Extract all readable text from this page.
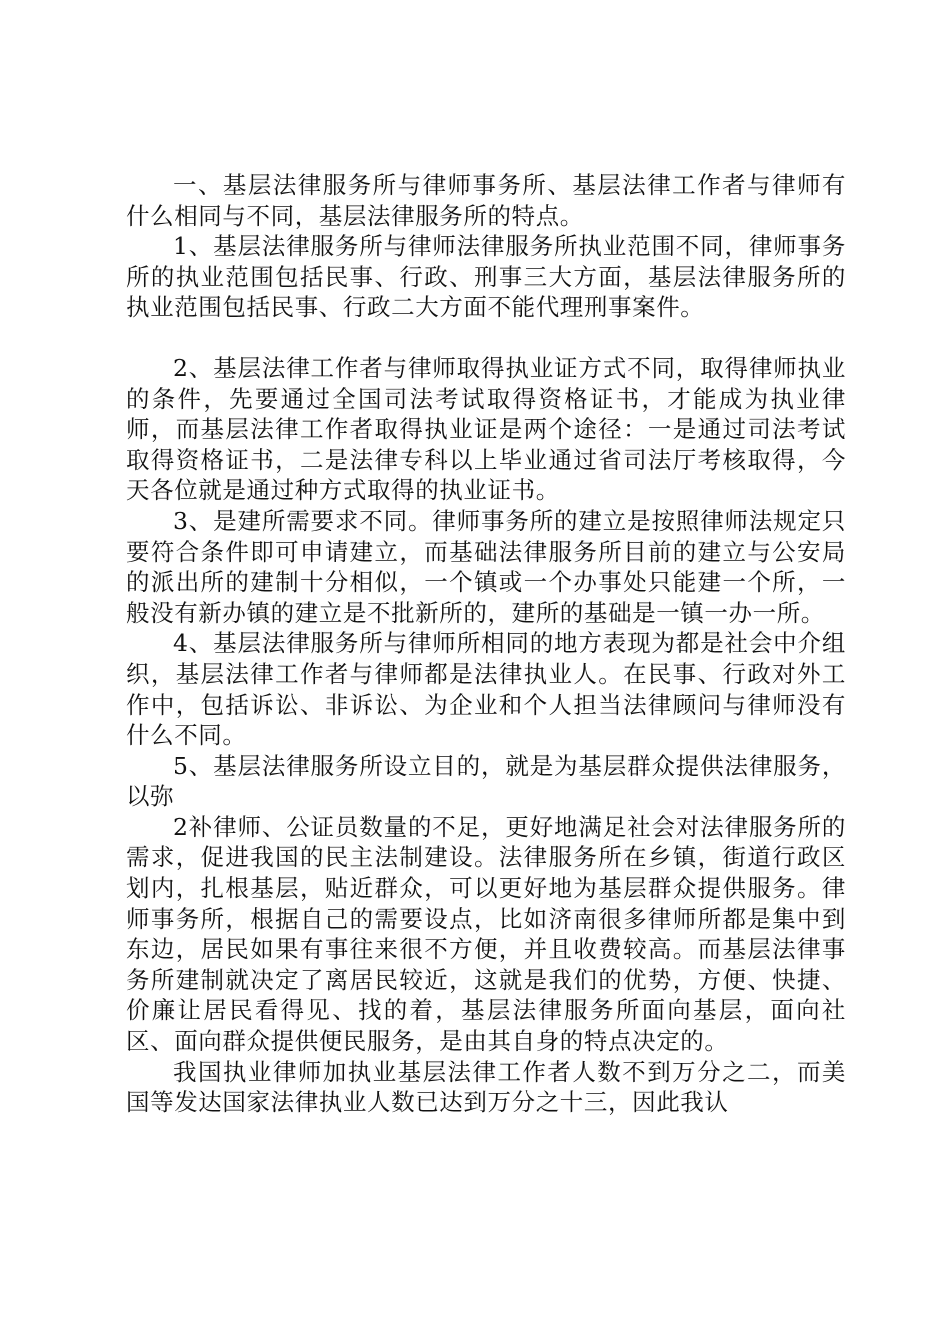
一、基层法律服务所与律师事务所、基层法律工作者与律师有什么相同与不同，基层法律服务所的特点。

1、基层法律服务所与律师法律服务所执业范围不同，律师事务所的执业范围包括民事、行政、刑事三大方面，基层法律服务所的执业范围包括民事、行政二大方面不能代理刑事案件。

2、基层法律工作者与律师取得执业证方式不同，取得律师执业的条件，先要通过全国司法考试取得资格证书，才能成为执业律师，而基层法律工作者取得执业证是两个途径：一是通过司法考试取得资格证书，二是法律专科以上毕业通过省司法厅考核取得，今天各位就是通过种方式取得的执业证书。

3、是建所需要求不同。律师事务所的建立是按照律师法规定只要符合条件即可申请建立，而基础法律服务所目前的建立与公安局的派出所的建制十分相似，一个镇或一个办事处只能建一个所，一般没有新办镇的建立是不批新所的，建所的基础是一镇一办一所。

4、基层法律服务所与律师所相同的地方表现为都是社会中介组织，基层法律工作者与律师都是法律执业人。在民事、行政对外工作中，包括诉讼、非诉讼、为企业和个人担当法律顾问与律师没有什么不同。

5、基层法律服务所设立目的，就是为基层群众提供法律服务，以弥

2补律师、公证员数量的不足，更好地满足社会对法律服务所的需求，促进我国的民主法制建设。法律服务所在乡镇，街道行政区划内，扎根基层，贴近群众，可以更好地为基层群众提供服务。律师事务所，根据自己的需要设点，比如济南很多律师所都是集中到东边，居民如果有事往来很不方便，并且收费较高。而基层法律事务所建制就决定了离居民较近，这就是我们的优势，方便、快捷、价廉让居民看得见、找的着，基层法律服务所面向基层，面向社区、面向群众提供便民服务，是由其自身的特点决定的。

我国执业律师加执业基层法律工作者人数不到万分之二，而美国等发达国家法律执业人数已达到万分之十三，因此我认
